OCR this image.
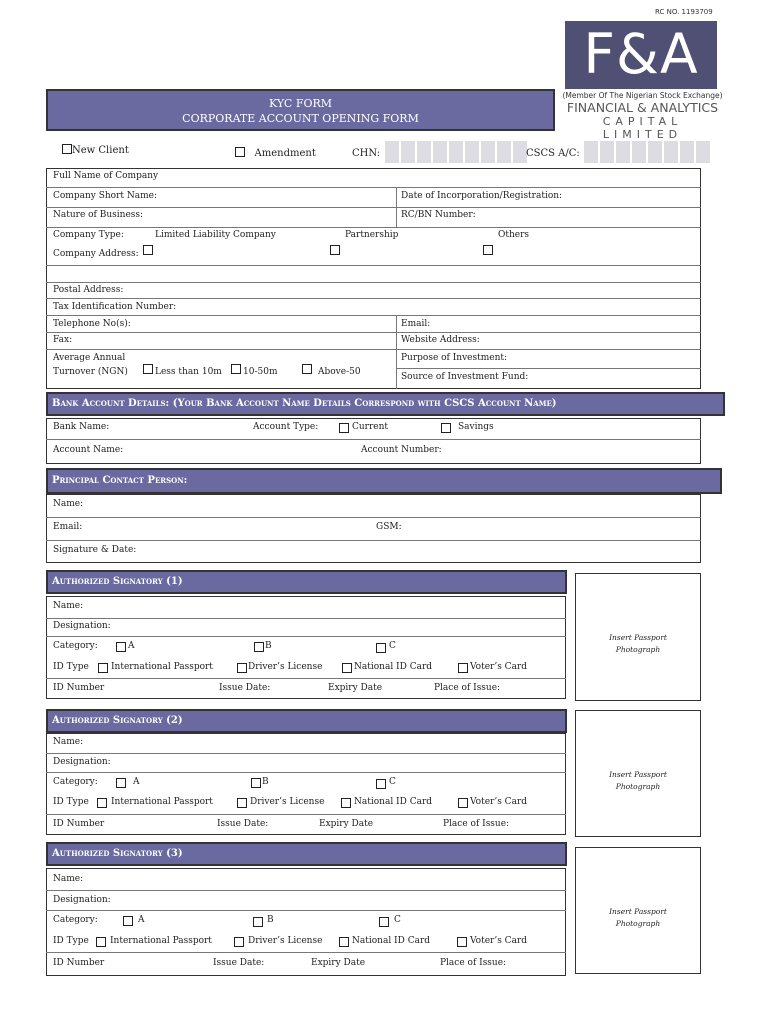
RC NO. 1193709
F&A
(Member Of The Nigerian Stock Exchange)
FINANCIAL & ANALYTICS
CAPITAL LIMITED
KYC FORM
CORPORATE ACCOUNT OPENING FORM
New Client	Amendment	CHN:	CSCS A/C:
Full Name of Company
Company Short Name:	Date of Incorporation/Registration:
Nature of Business:	RC/BN Number:
Company Type:	Limited Liability Company	Partnership	Others
Company Address:
Postal Address:
Tax Identification Number:
Telephone No(s):	Email:
Fax:	Website Address:
Average Annual
Turnover (NGN)	Less than 10m 10-50m	Above-50
Purpose of Investment:
Source of Investment Fund:
Bank Account Details: (Your Bank Account Name Details Correspond with CSCS Account Name)
Bank Name:	Account Type:	Current	Savings
Account Name:	Account Number:
Principal Contact Person:
Name:
Email:	GSM:
Signature & Date:
Authorized Signatory (1)
Name:
Designation:
Category:	A	B	C
ID Type International Passport	Driver’s License	National ID Card	Voter’s Card
ID Number	Issue Date:	Expiry Date	Place of Issue:
Insert Passport
Photograph
Authorized Signatory (2)
Name:
Designation:
Category:	A	B	C
ID Type International Passport	Driver’s License	National ID Card	Voter’s Card
ID Number	Issue Date:	Expiry Date	Place of Issue:
Insert Passport
Photograph
Authorized Signatory (3)
Name:
Designation:
Category:	A	B	C
ID Type International Passport	Driver’s License	National ID Card	Voter’s Card
ID Number	Issue Date:	Expiry Date	Place of Issue:
Insert Passport
Photograph
